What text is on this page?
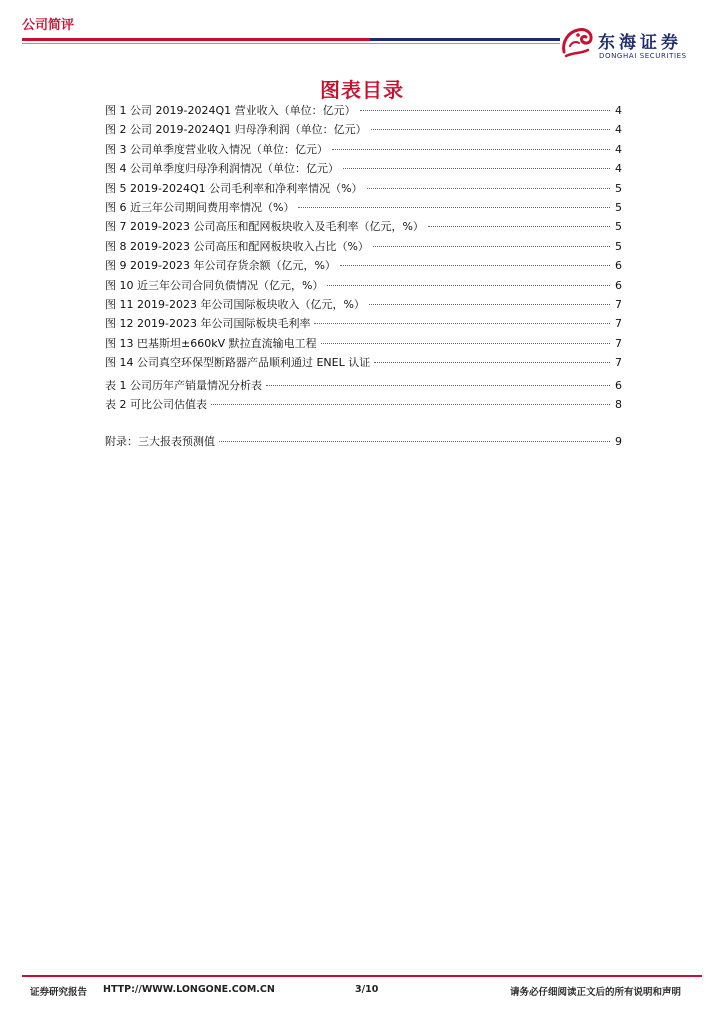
公司简评
东海证券
DONGHAI SECURITIES
图表目录
图 1 公司 2019-2024Q1 营业收入（单位：亿元）	4
图 2 公司 2019-2024Q1 归母净利润（单位：亿元）	4
图 3 公司单季度营业收入情况（单位：亿元）	4
图 4 公司单季度归母净利润情况（单位：亿元）	4
图 5 2019-2024Q1 公司毛利率和净利率情况（%）	5
图 6 近三年公司期间费用率情况（%）	5
图 7 2019-2023 公司高压和配网板块收入及毛利率（亿元，%）	5
图 8 2019-2023 公司高压和配网板块收入占比（%）	5
图 9 2019-2023 年公司存货余额（亿元，%）	6
图 10 近三年公司合同负债情况（亿元，%）	6
图 11 2019-2023 年公司国际板块收入（亿元，%）	7
图 12 2019-2023 年公司国际板块毛利率	7
图 13 巴基斯坦±660kV 默拉直流输电工程	7
图 14 公司真空环保型断路器产品顺利通过 ENEL 认证	7
表 1 公司历年产销量情况分析表	6
表 2 可比公司估值表	8
附录：三大报表预测值	9
证券研究报告 HTTP://WWW.LONGONE.COM.CN	3/10	请务必仔细阅读正文后的所有说明和声明
